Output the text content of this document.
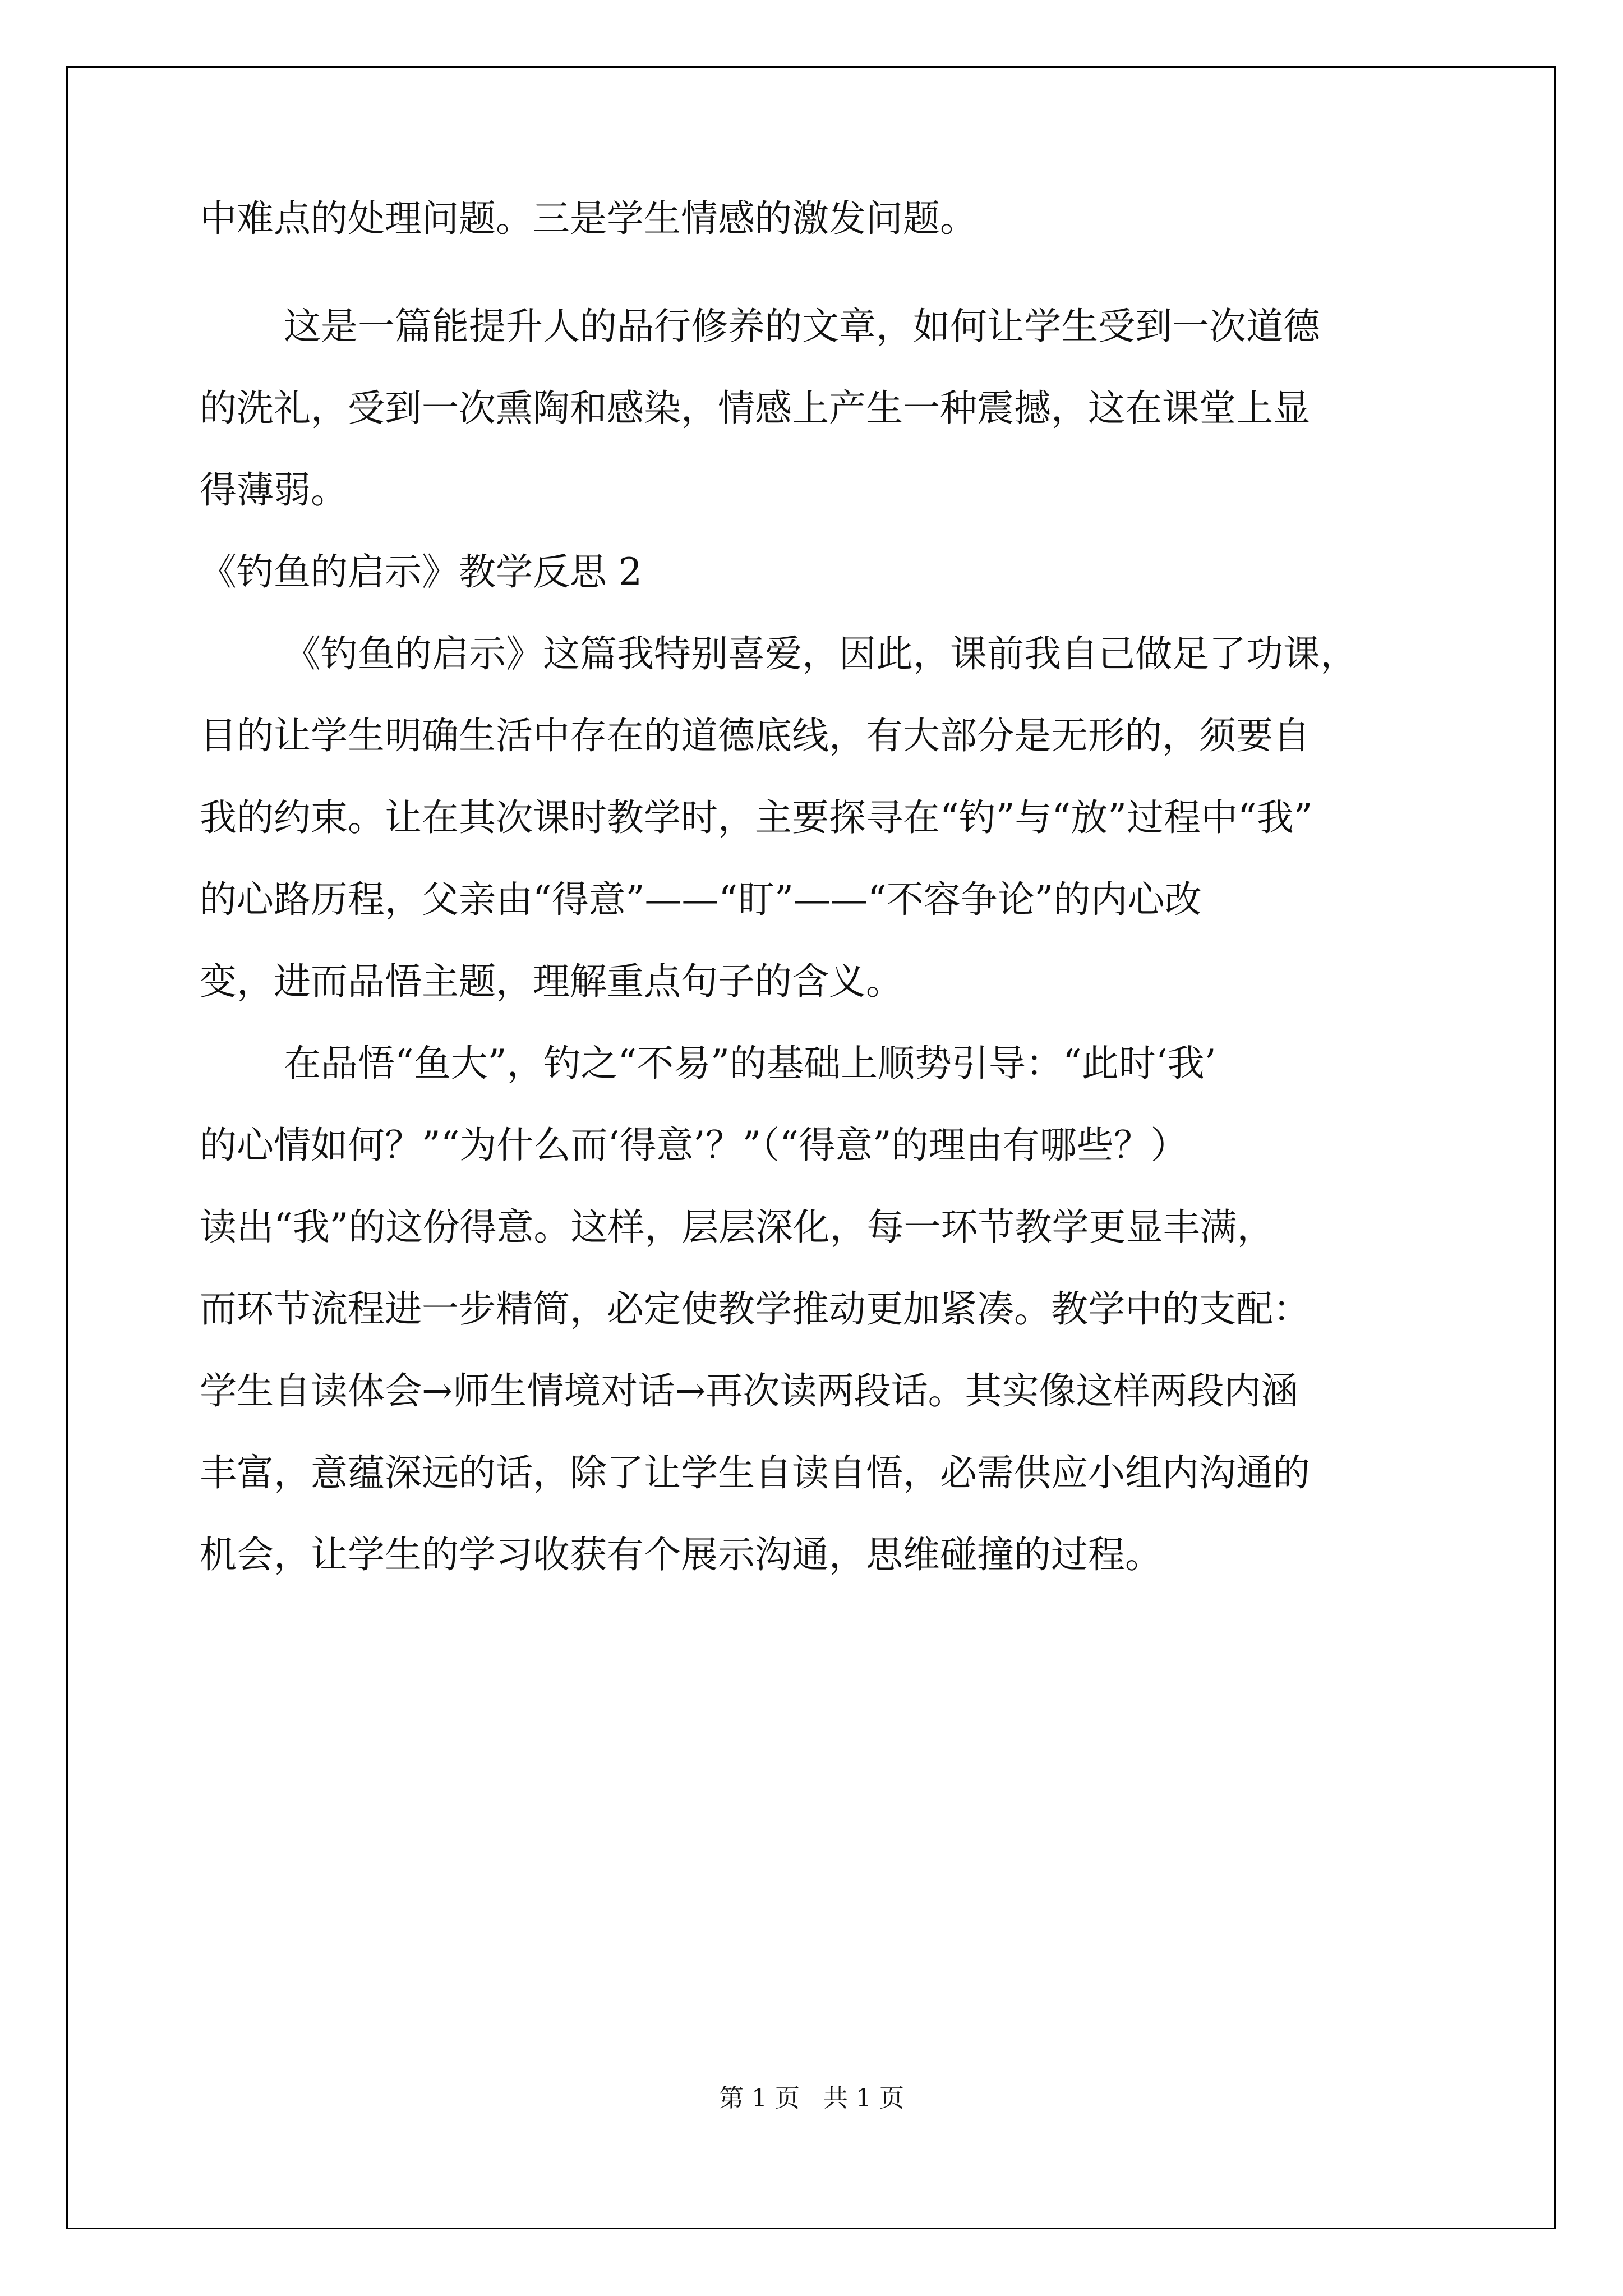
中难点的处理问题。三是学生情感的激发问题。
这是一篇能提升人的品行修养的文章，如何让学生受到一次道德
的洗礼，受到一次熏陶和感染，情感上产生一种震撼，这在课堂上显
得薄弱。
《钓鱼的启示》教学反思 2
《钓鱼的启示》这篇我特别喜爱，因此，课前我自己做足了功课，
目的让学生明确生活中存在的道德底线，有大部分是无形的，须要自
我的约束。让在其次课时教学时，主要探寻在“钓”与“放”过程中“我”
的心路历程，父亲由“得意”——“盯”——“不容争论”的内心改
变，进而品悟主题，理解重点句子的含义。
在品悟“鱼大”，钓之“不易”的基础上顺势引导：“此时‘我’
的心情如何？”“为什么而‘得意’？”（“得意”的理由有哪些？）
读出“我”的这份得意。这样，层层深化，每一环节教学更显丰满，
而环节流程进一步精简，必定使教学推动更加紧凑。教学中的支配：
学生自读体会→师生情境对话→再次读两段话。其实像这样两段内涵
丰富，意蕴深远的话，除了让学生自读自悟，必需供应小组内沟通的
机会，让学生的学习收获有个展示沟通，思维碰撞的过程。
第 1 页   共 1 页
